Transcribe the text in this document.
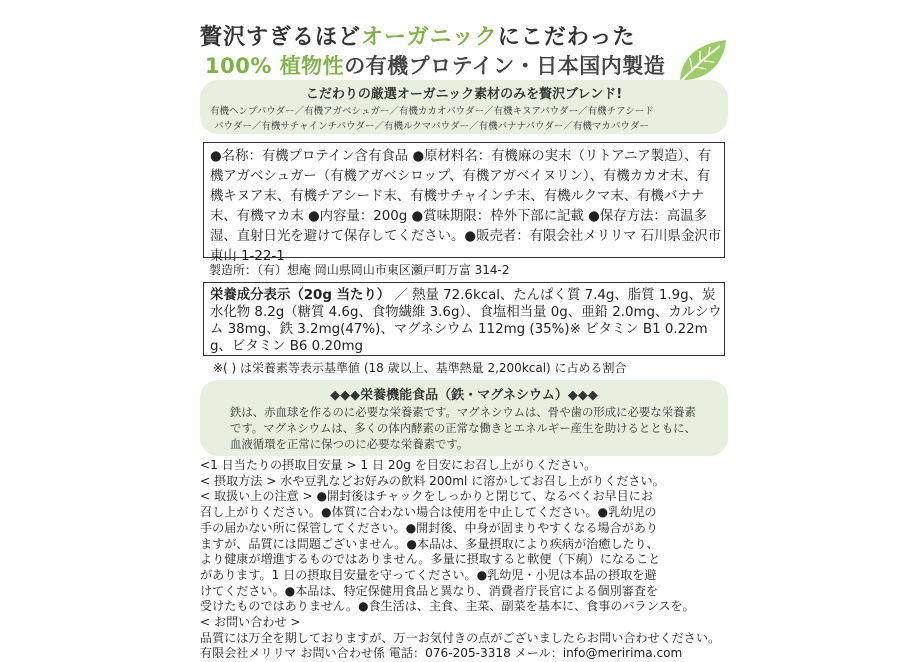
贅沢すぎるほどオーガニックにこだわった
100% 植物性の有機プロテイン・日本国内製造
こだわりの厳選オーガニック素材のみを贅沢ブレンド!
有機ヘンプパウダー／有機アガベシュガー／有機カカオパウダー／有機キヌアパウダー／有機チアシード
パウダー／有機サチャインチパウダー／有機ルクマパウダー／有機バナナパウダー／有機マカパウダー

●名称：有機プロテイン含有食品 ●原材料名：有機麻の実末（リトアニア製造）、有機アガベシュガー（有機アガベシロップ、有機アガベイヌリン）、有機カカオ末、有機キヌア末、有機チアシード末、有機サチャインチ末、有機ルクマ末、有機バナナ末、有機マカ末 ●内容量：200g ●賞味期限：枠外下部に記載 ●保存方法：高温多湿、直射日光を避けて保存してください。●販売者：有限会社メリリマ 石川県金沢市東山 1-22-1

製造所：（有）想庵 岡山県岡山市東区瀬戸町万富 314-2

栄養成分表示（20g 当たり） ／ 熱量 72.6kcal、たんぱく質 7.4g、脂質 1.9g、炭水化物 8.2g（糖質 4.6g、食物繊維 3.6g）、食塩相当量 0g、亜鉛 2.0mg、カルシウム 38mg、鉄 3.2mg(47%)、マグネシウム 112mg (35%)※ ビタミン B1 0.22mg、ビタミン B6 0.20mg

※( ) は栄養素等表示基準値 (18 歳以上、基準熱量 2,200kcal) に占める割合
◆◆◆栄養機能食品（鉄・マグネシウム）◆◆◆

鉄は、赤血球を作るのに必要な栄養素です。マグネシウムは、骨や歯の形成に必要な栄養素です。マグネシウムは、多くの体内酵素の正常な働きとエネルギー産生を助けるとともに、血液循環を正常に保つのに必要な栄養素です。

<1 日当たりの摂取目安量 > 1 日 20g を目安にお召し上がりください。
< 摂取方法 > 水や豆乳などお好みの飲料 200ml に溶かしてお召し上がりください。
< 取扱い上の注意 > ●開封後はチャックをしっかりと閉じて、なるべくお早目にお
召し上がりください。●体質に合わない場合は使用を中止してください。●乳幼児の
手の届かない所に保管してください。●開封後、中身が固まりやすくなる場合があり
ますが、品質には問題ございません。●本品は、多量摂取により疾病が治癒したり、
より健康が増進するものではありません。多量に摂取すると軟便（下痢）になること
があります。1 日の摂取目安量を守ってください。●乳幼児・小児は本品の摂取を避
けてください。●本品は、特定保健用食品と異なり、消費者庁長官による個別審査を
受けたものではありません。●食生活は、主食、主菜、副菜を基本に、食事のバランスを。
< お問い合わせ >
品質には万全を期しておりますが、万一お気付きの点がございましたらお問い合わせください。
有限会社メリリマ お問い合わせ係 電話：076-205-3318 メール：info@meririma.com
